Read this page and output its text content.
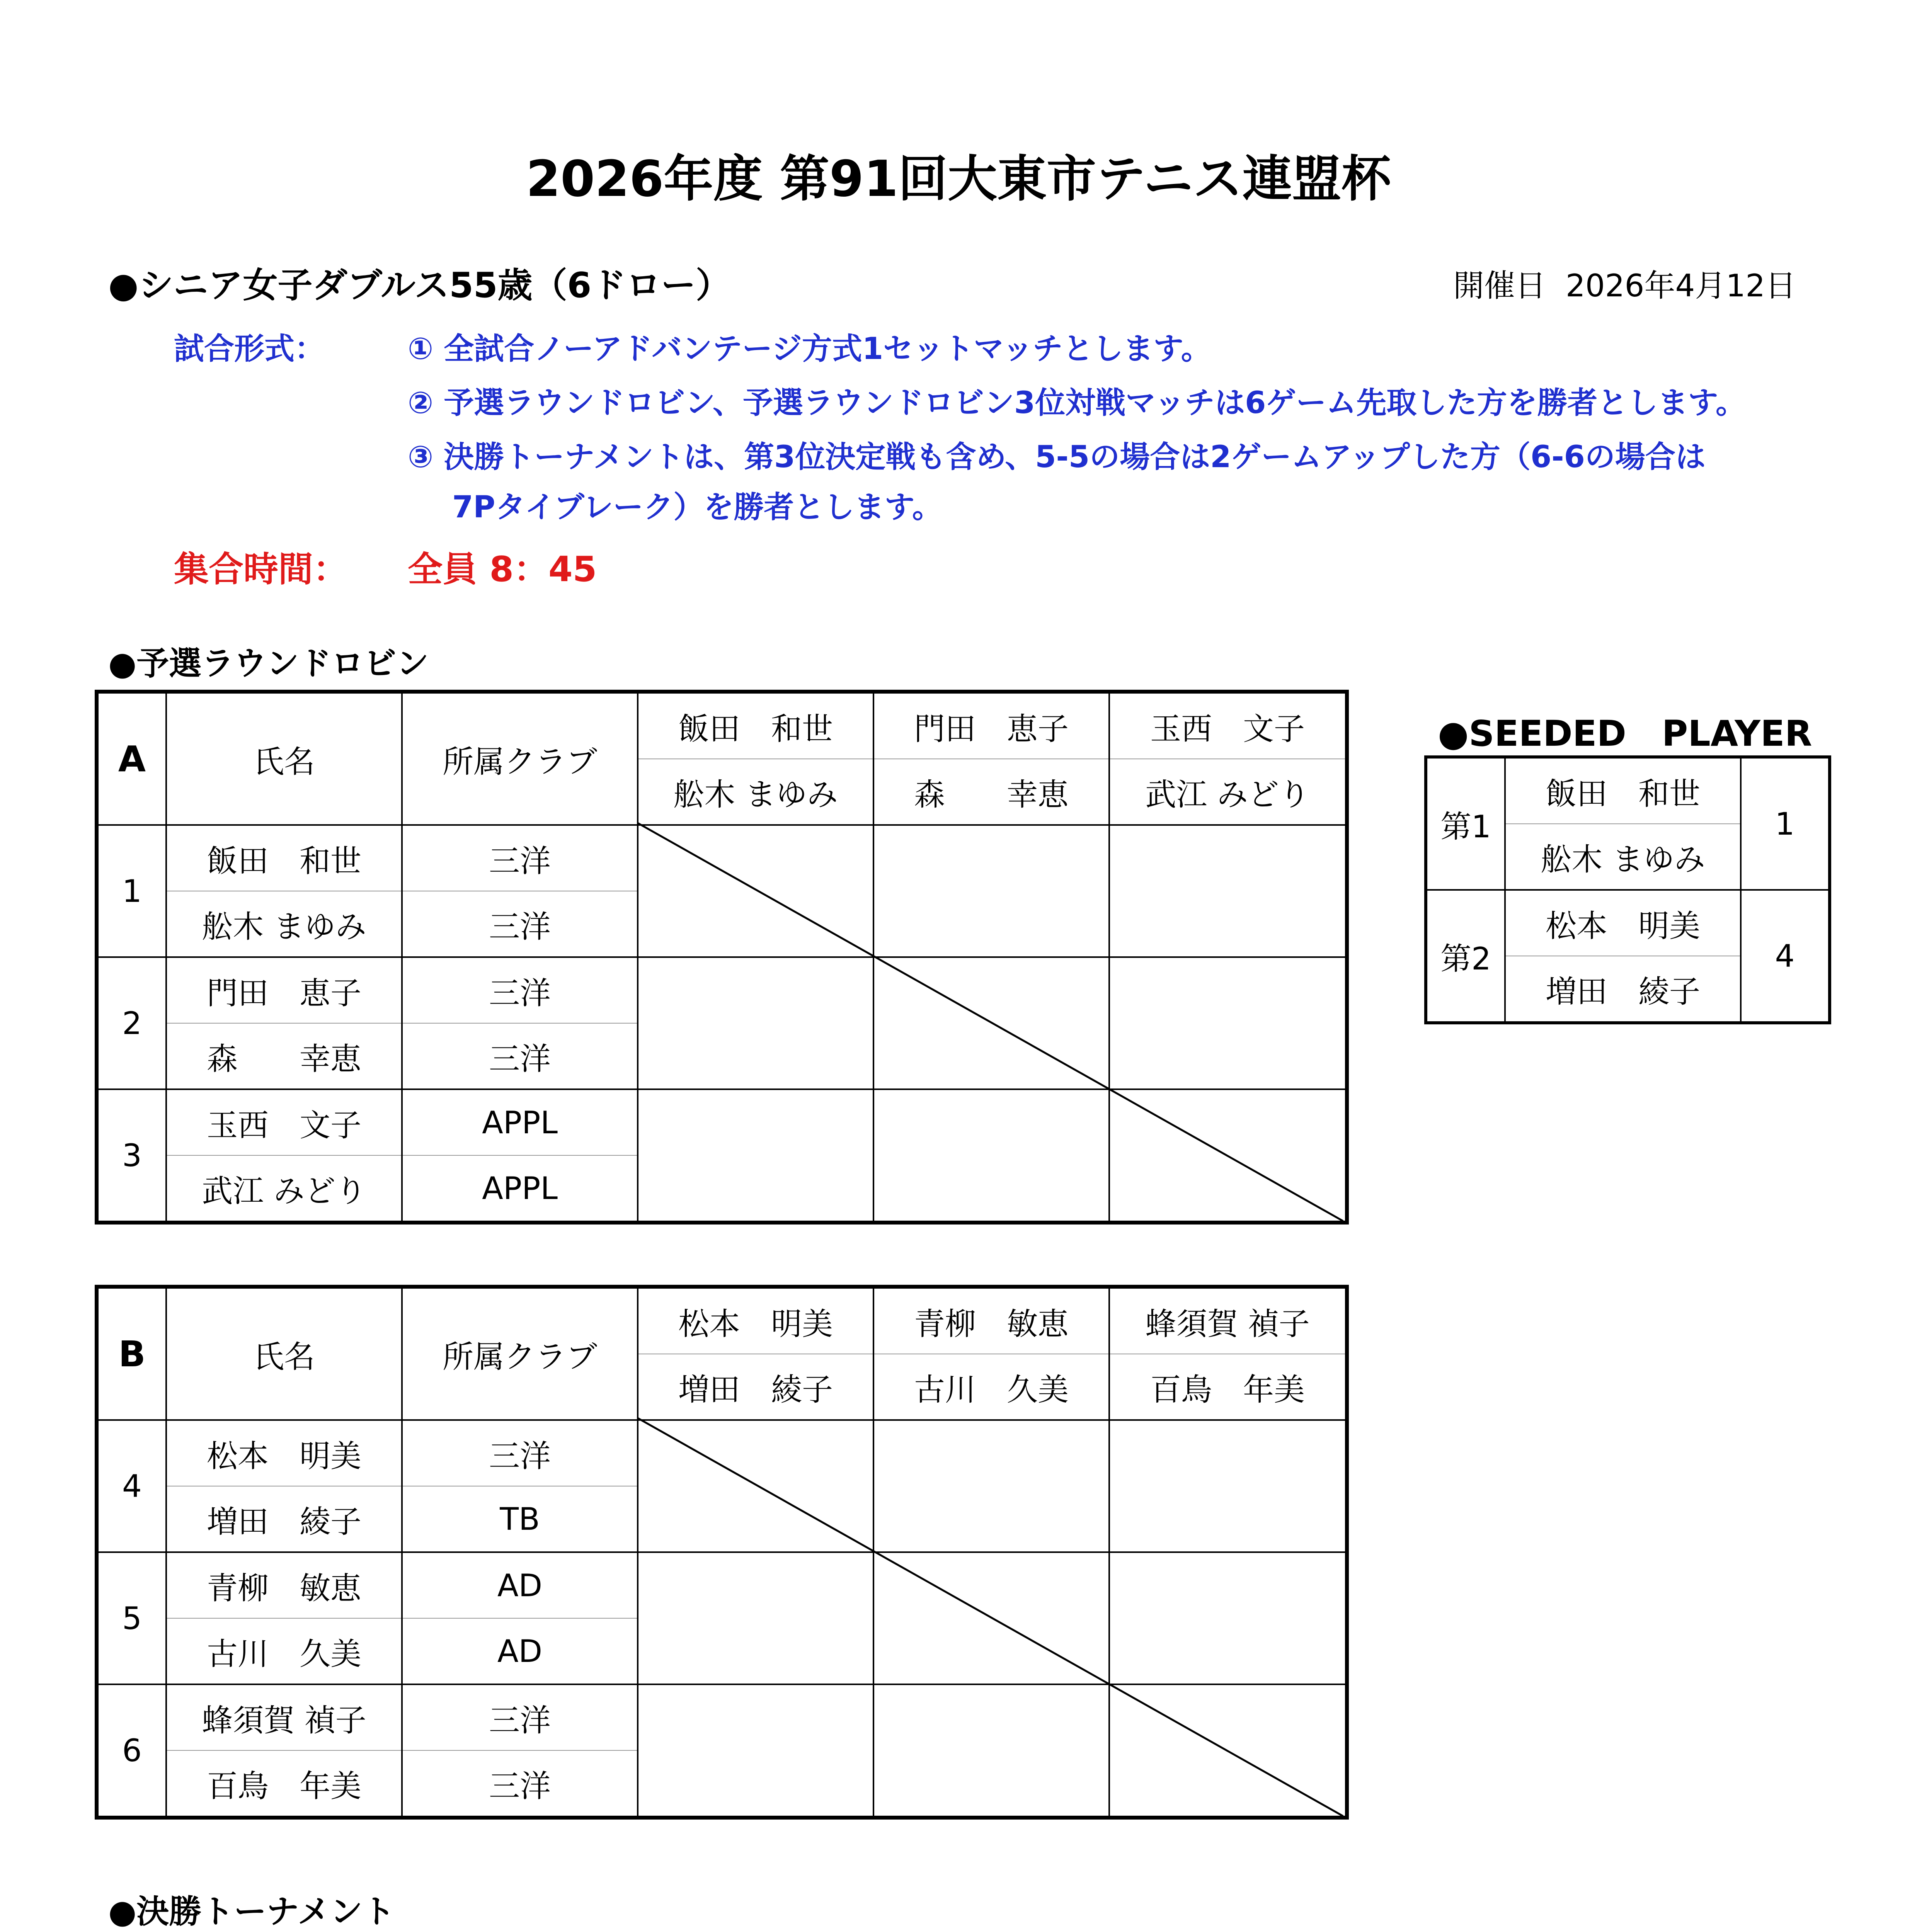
2026年度 第91回大東市テニス連盟杯
●シニア女子ダブルス55歳（6ドロー）	開催日 2026年4月12日
試合形式：	① 全試合ノーアドバンテージ方式1セットマッチとします。
② 予選ラウンドロビン、予選ラウンドロビン3位対戦マッチは6ゲーム先取した方を勝者とします。
③ 決勝トーナメントは、第3位決定戦も含め、5-5の場合は2ゲームアップした方（6-6の場合は
7Pタイブレーク）を勝者とします。
集合時間： 全員 8：45
●予選ラウンドロビン
A	氏名	所属クラブ	飯田　和世	門田　恵子	玉西　文子
			舩木 まゆみ	森　　幸恵	武江 みどり
1	飯田　和世	三洋			
	舩木 まゆみ	三洋			
2	門田　恵子	三洋			
	森　　幸恵	三洋			
3	玉西　文子	APPL			
	武江 みどり	APPL			
B	氏名	所属クラブ	松本　明美	青柳　敏恵	蜂須賀 禎子
			増田　綾子	古川　久美	百鳥　年美
4	松本　明美	三洋			
	増田　綾子	TB			
5	青柳　敏恵	AD			
	古川　久美	AD			
6	蜂須賀 禎子	三洋			
	百鳥　年美	三洋			
●SEEDED　PLAYER
第1	飯田　和世	1
	舩木 まゆみ	
第2	松本　明美	4
	増田　綾子	
●決勝トーナメント
